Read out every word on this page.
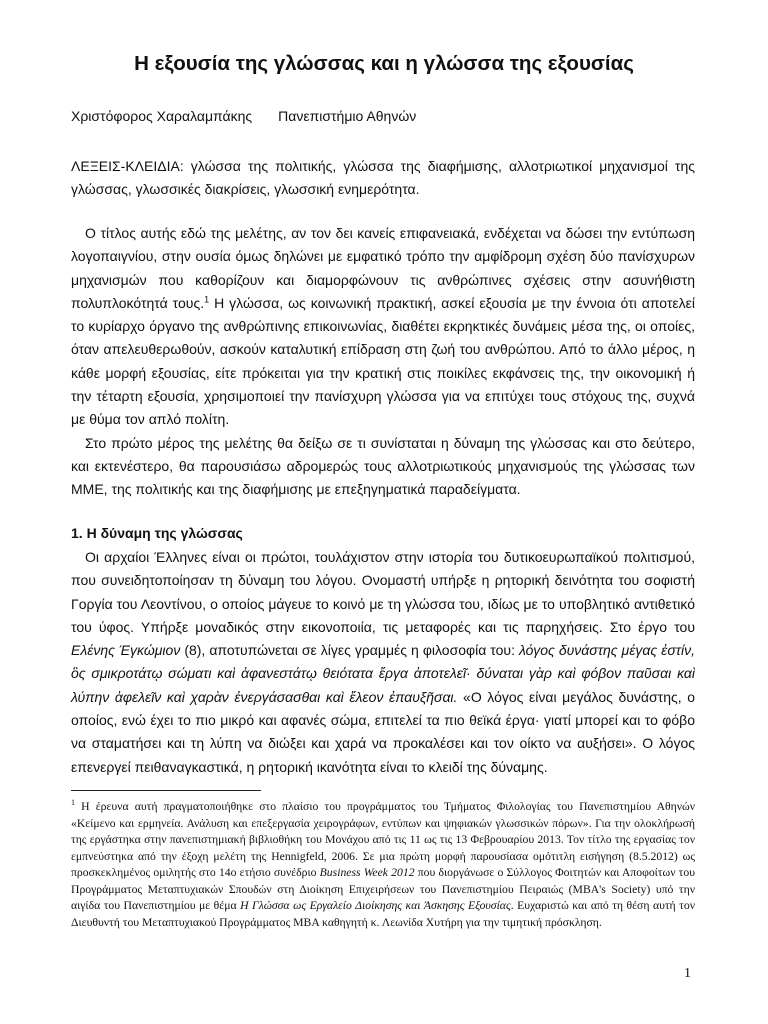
Η εξουσία της γλώσσας και η γλώσσα της εξουσίας
Χριστόφορος Χαραλαμπάκης Πανεπιστήμιο Αθηνών

ΛΕΞΕΙΣ-ΚΛΕΙΔΙΑ: γλώσσα της πολιτικής, γλώσσα της διαφήμισης, αλλοτριωτικοί μηχανισμοί της γλώσσας, γλωσσικές διακρίσεις, γλωσσική ενημερότητα.

Ο τίτλος αυτής εδώ της μελέτης, αν τον δει κανείς επιφανειακά, ενδέχεται να δώσει την εντύπωση λογοπαιγνίου, στην ουσία όμως δηλώνει με εμφατικό τρόπο την αμφίδρομη σχέση δύο πανίσχυρων μηχανισμών που καθορίζουν και διαμορφώνουν τις ανθρώπινες σχέσεις στην ασυνήθιστη πολυπλοκότητά τους.$^1$ Η γλώσσα, ως κοινωνική πρακτική, ασκεί εξουσία με την έννοια ότι αποτελεί το κυρίαρχο όργανο της ανθρώπινης επικοινωνίας, διαθέτει εκρηκτικές δυνάμεις μέσα της, οι οποίες, όταν απελευθερωθούν, ασκούν καταλυτική επίδραση στη ζωή του ανθρώπου. Από το άλλο μέρος, η κάθε μορφή εξουσίας, είτε πρόκειται για την κρατική στις ποικίλες εκφάνσεις της, την οικονομική ή την τέταρτη εξουσία, χρησιμοποιεί την πανίσχυρη γλώσσα για να επιτύχει τους στόχους της, συχνά με θύμα τον απλό πολίτη.

Στο πρώτο μέρος της μελέτης θα δείξω σε τι συνίσταται η δύναμη της γλώσσας και στο δεύτερο, και εκτενέστερο, θα παρουσιάσω αδρομερώς τους αλλοτριωτικούς μηχανισμούς της γλώσσας των ΜΜΕ, της πολιτικής και της διαφήμισης με επεξηγηματικά παραδείγματα.

1. Η δύναμη της γλώσσας

Οι αρχαίοι Έλληνες είναι οι πρώτοι, τουλάχιστον στην ιστορία του δυτικοευρωπαϊκού πολιτισμού, που συνειδητοποίησαν τη δύναμη του λόγου. Ονομαστή υπήρξε η ρητορική δεινότητα του σοφιστή Γοργία του Λεοντίνου, ο οποίος μάγευε το κοινό με τη γλώσσα του, ιδίως με το υποβλητικό αντιθετικό του ύφος. Υπήρξε μοναδικός στην εικονοποιία, τις μεταφορές και τις παρηχήσεις. Στο έργο του Ελένης Έγκώμιον (8), αποτυπώνεται σε λίγες γραμμές η φιλοσοφία του: λόγος δυνάστης μέγας ἐστίν, ὃς σμικροτάτῳ σώματι καὶ ἀφανεστάτῳ θειότατα ἔργα ἀποτελεῖ· δύναται γὰρ καὶ φόβον παῦσαι καὶ λύπην ἀφελεῖν καὶ χαρὰν ἐνεργάσασθαι καὶ ἔλεον ἐπαυξῆσαι. «Ο λόγος είναι μεγάλος δυνάστης, ο οποίος, ενώ έχει το πιο μικρό και αφανές σώμα, επιτελεί τα πιο θεϊκά έργα· γιατί μπορεί και το φόβο να σταματήσει και τη λύπη να διώξει και χαρά να προκαλέσει και τον οίκτο να αυξήσει». Ο λόγος επενεργεί πειθαναγκαστικά, η ρητορική ικανότητα είναι το κλειδί της δύναμης.

$^1$ Η έρευνα αυτή πραγματοποιήθηκε στο πλαίσιο του προγράμματος του Τμήματος Φιλολογίας του Πανεπιστημίου Αθηνών «Κείμενο και ερμηνεία. Ανάλυση και επεξεργασία χειρογράφων, εντύπων και ψηφιακών γλωσσικών πόρων». Για την ολοκλήρωσή της εργάστηκα στην πανεπιστημιακή βιβλιοθήκη του Μονάχου από τις 11 ως τις 13 Φεβρουαρίου 2013. Τον τίτλο της εργασίας τον εμπνεύστηκα από την έξοχη μελέτη της Hennigfeld, 2006. Σε μια πρώτη μορφή παρουσίασα ομότιτλη εισήγηση (8.5.2012) ως προσκεκλημένος ομιλητής στο 14ο ετήσιο συνέδριο Business Week 2012 που διοργάνωσε ο Σύλλογος Φοιτητών και Αποφοίτων του Προγράμματος Μεταπτυχιακών Σπουδών στη Διοίκηση Επιχειρήσεων του Πανεπιστημίου Πειραιώς (MBA's Society) υπό την αιγίδα του Πανεπιστημίου με θέμα Η Γλώσσα ως Εργαλείο Διοίκησης και Άσκησης Εξουσίας. Ευχαριστώ και από τη θέση αυτή τον Διευθυντή του Μεταπτυχιακού Προγράμματος MBA καθηγητή κ. Λεωνίδα Χυτήρη για την τιμητική πρόσκληση.

1
